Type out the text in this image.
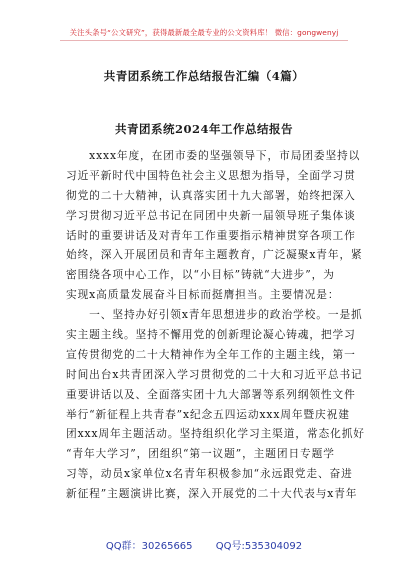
关注头条号“公文研究”，获得最新最全最专业的公文资料库！ 微信：gongwenyj
共青团系统工作总结报告汇编（4篇）
共青团系统2024年工作总结报告
　　xxxx年度，在团市委的坚强领导下，市局团委坚持以
习近平新时代中国特色社会主义思想为指导，全面学习贯
彻党的二十大精神，认真落实团十九大部署，始终把深入
学习贯彻习近平总书记在同团中央新一届领导班子集体谈
话时的重要讲话及对青年工作重要指示精神贯穿各项工作
始终，深入开展团员和青年主题教育，广泛凝聚x青年，紧
密围绕各项中心工作，以“小目标”铸就“大进步”，为
实现x高质量发展奋斗目标而挺膺担当。主要情况是：
　　一、坚持办好引领x青年思想进步的政治学校。一是抓
实主题主线。坚持不懈用党的创新理论凝心铸魂，把学习
宣传贯彻党的二十大精神作为全年工作的主题主线，第一
时间出台x共青团深入学习贯彻党的二十大和习近平总书记
重要讲话以及、全面落实团十九大部署等系列纲领性文件
举行“新征程上共青春”x纪念五四运动xxx周年暨庆祝建
团xxx周年主题活动。坚持组织化学习主渠道，常态化抓好
“青年大学习”，团组织“第一议题”，主题团日专题学
习等，动员x家单位x名青年积极参加“永远跟党走、奋进
新征程”主题演讲比赛，深入开展党的二十大代表与x青年
QQ群：30265665 QQ号:535304092
